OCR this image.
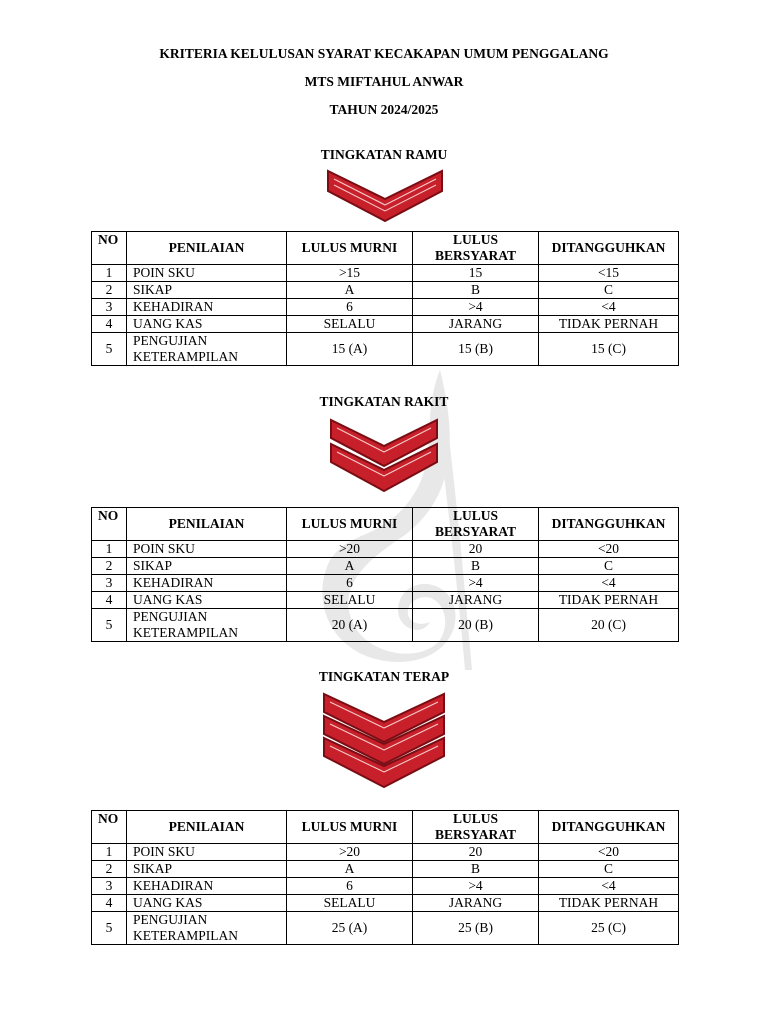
KRITERIA KELULUSAN SYARAT KECAKAPAN UMUM PENGGALANG
MTS MIFTAHUL ANWAR
TAHUN 2024/2025
TINGKATAN RAMU
NO	PENILAIAN	LULUS MURNI	LULUS
BERSYARAT	DITANGGUHKAN
1	POIN SKU	>15	15	<15
2	SIKAP	A	B	C
3	KEHADIRAN	6	>4	<4
4	UANG KAS	SELALU	JARANG	TIDAK PERNAH
5	PENGUJIAN
KETERAMPILAN	15 (A)	15 (B)	15 (C)
TINGKATAN RAKIT
NO	PENILAIAN	LULUS MURNI	LULUS
BERSYARAT	DITANGGUHKAN
1	POIN SKU	>20	20	<20
2	SIKAP	A	B	C
3	KEHADIRAN	6	>4	<4
4	UANG KAS	SELALU	JARANG	TIDAK PERNAH
5	PENGUJIAN
KETERAMPILAN	20 (A)	20 (B)	20 (C)
TINGKATAN TERAP
NO	PENILAIAN	LULUS MURNI	LULUS
BERSYARAT	DITANGGUHKAN
1	POIN SKU	>20	20	<20
2	SIKAP	A	B	C
3	KEHADIRAN	6	>4	<4
4	UANG KAS	SELALU	JARANG	TIDAK PERNAH
5	PENGUJIAN
KETERAMPILAN	25 (A)	25 (B)	25 (C)
